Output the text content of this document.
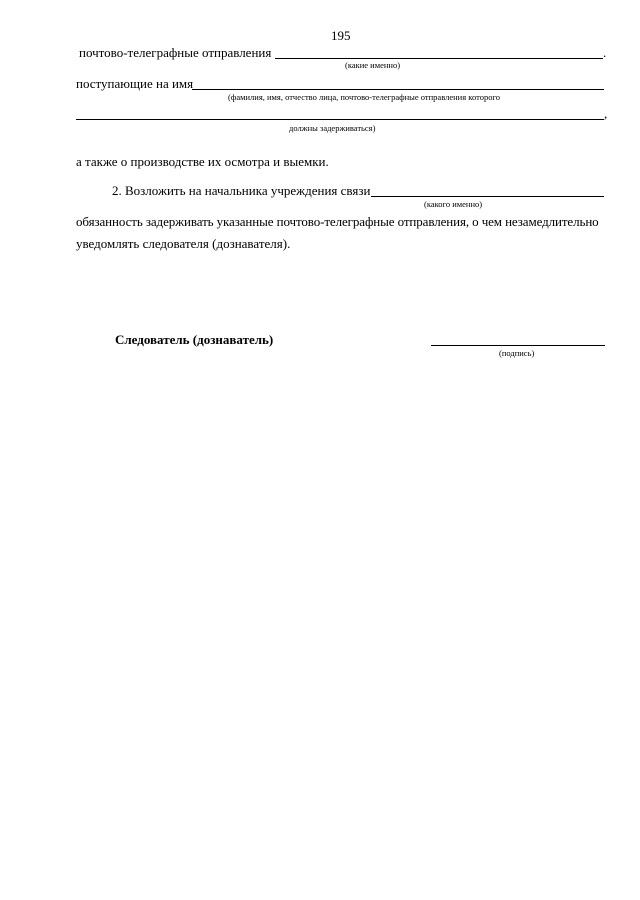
195
почтово-телеграфные отправления	.
(какие именно)
поступающие на имя
(фамилия, имя, отчество лица, почтово-телеграфные отправления которого
,
должны задерживаться)
а также о производстве их осмотра и выемки.
2. Возложить на начальника учреждения связи
(какого именно)
обязанность задерживать указанные почтово-телеграфные отправления, о чем незамедлительно
уведомлять следователя (дознавателя).
Следователь (дознаватель)
(подпись)
